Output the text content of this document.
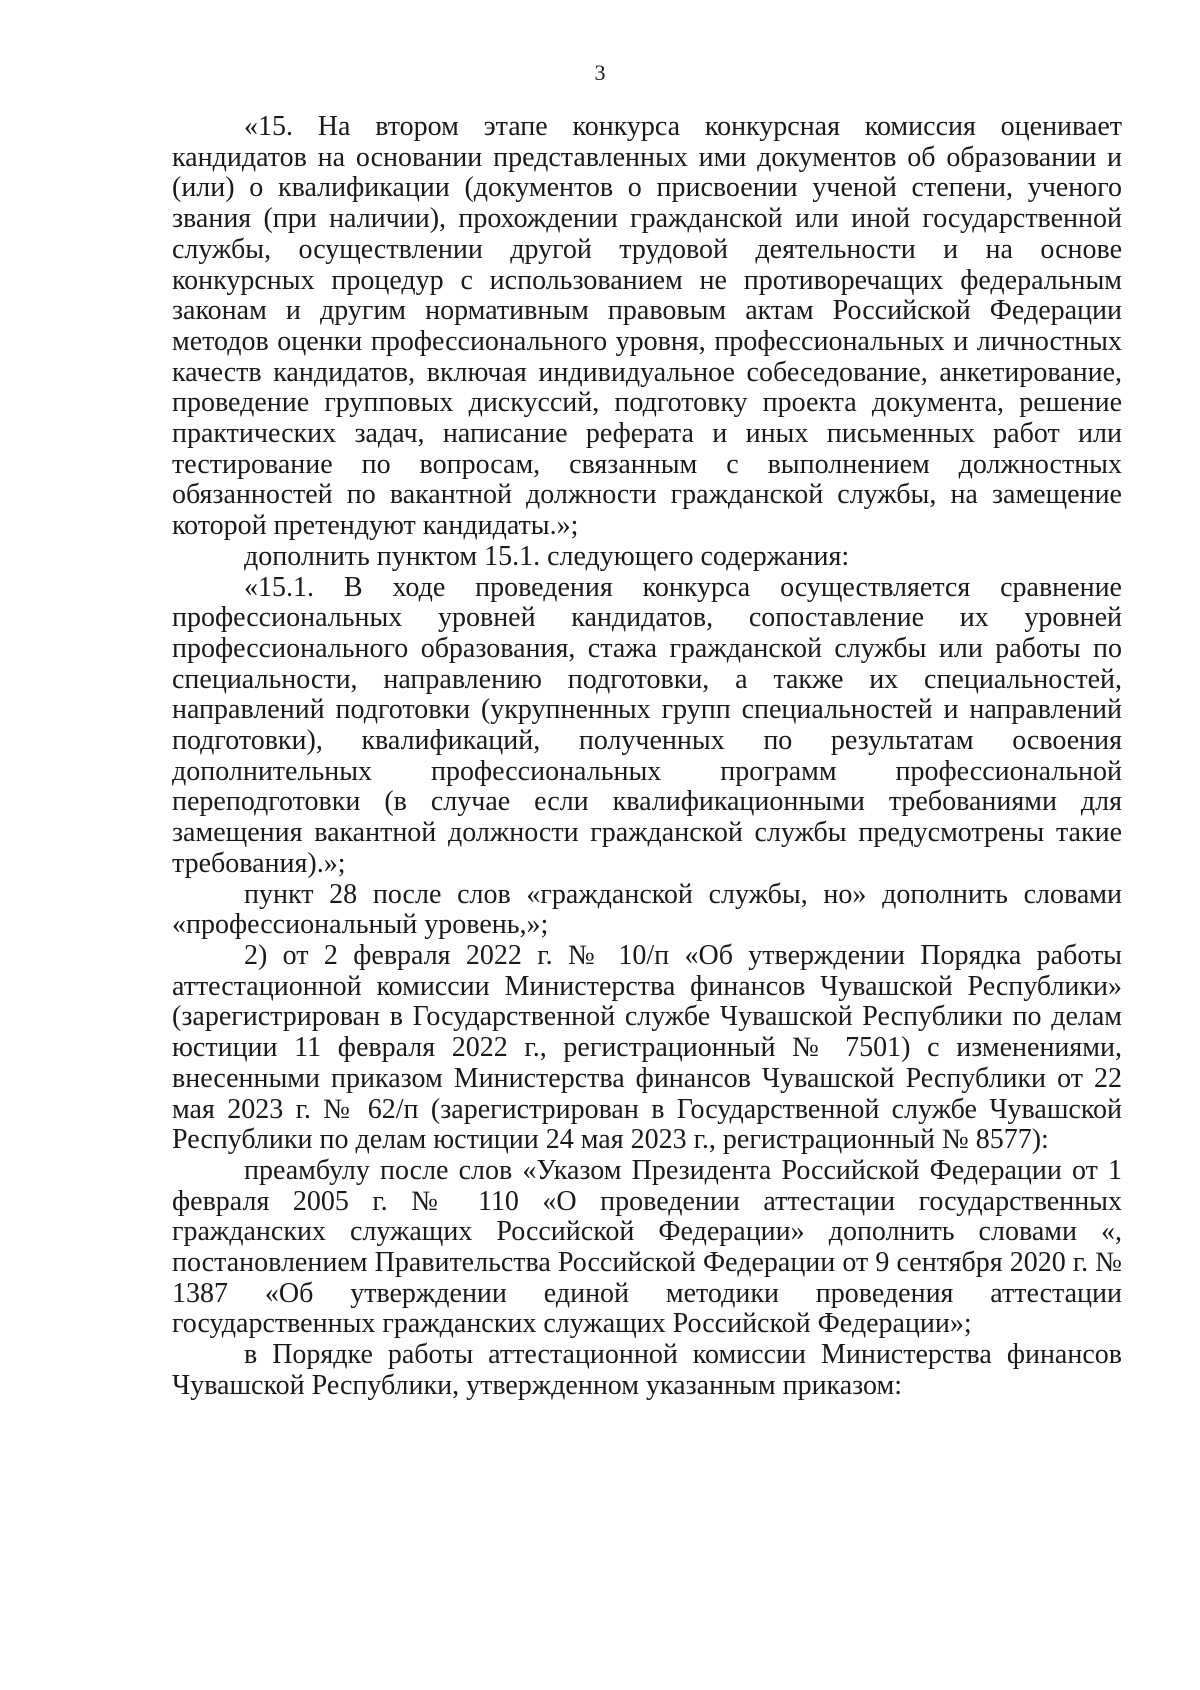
3

«15. На втором этапе конкурса конкурсная комиссия оценивает кандидатов на основании представленных ими документов об образовании и (или) о квалификации (документов о присвоении ученой степени, ученого звания (при наличии), прохождении гражданской или иной государственной службы, осуществлении другой трудовой деятельности и на основе конкурсных процедур с использованием не противоречащих федеральным законам и другим нормативным правовым актам Российской Федерации методов оценки профессионального уровня, профессиональных и личностных качеств кандидатов, включая индивидуальное собеседование, анкетирование, проведение групповых дискуссий, подготовку проекта документа, решение практических задач, написание реферата и иных письменных работ или тестирование по вопросам, связанным с выполнением должностных обязанностей по вакантной должности гражданской службы, на замещение которой претендуют кандидаты.»;

дополнить пунктом 15.1. следующего содержания:

«15.1. В ходе проведения конкурса осуществляется сравнение профессиональных уровней кандидатов, сопоставление их уровней профессионального образования, стажа гражданской службы или работы по специальности, направлению подготовки, а также их специальностей, направлений подготовки (укрупненных групп специальностей и направлений подготовки), квалификаций, полученных по результатам освоения дополнительных профессиональных программ профессиональной переподготовки (в случае если квалификационными требованиями для замещения вакантной должности гражданской службы предусмотрены такие требования).»;

пункт 28 после слов «гражданской службы, но» дополнить словами «профессиональный уровень,»;

2) от 2 февраля 2022 г. № 10/п «Об утверждении Порядка работы аттестационной комиссии Министерства финансов Чувашской Республики» (зарегистрирован в Государственной службе Чувашской Республики по делам юстиции 11 февраля 2022 г., регистрационный № 7501) с изменениями, внесенными приказом Министерства финансов Чувашской Республики от 22 мая 2023 г. № 62/п (зарегистрирован в Государственной службе Чувашской Республики по делам юстиции 24 мая 2023 г., регистрационный № 8577):

преамбулу после слов «Указом Президента Российской Федерации от 1 февраля 2005 г. № 110 «О проведении аттестации государственных гражданских служащих Российской Федерации» дополнить словами «, постановлением Правительства Российской Федерации от 9 сентября 2020 г. № 1387 «Об утверждении единой методики проведения аттестации государственных гражданских служащих Российской Федерации»;

в Порядке работы аттестационной комиссии Министерства финансов Чувашской Республики, утвержденном указанным приказом:
